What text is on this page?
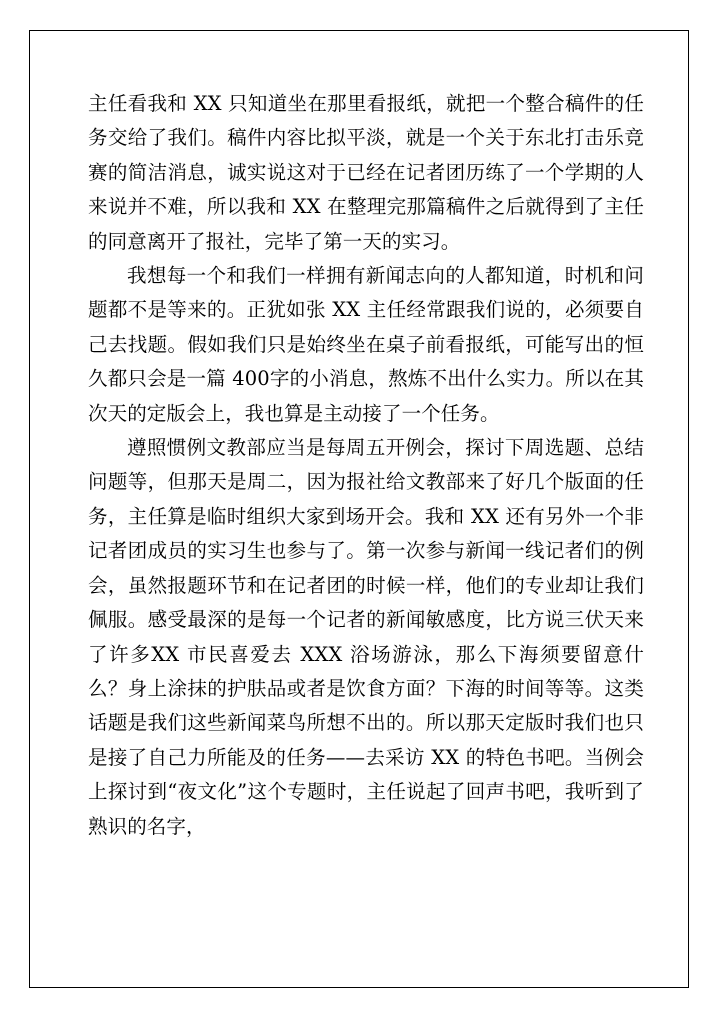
主任看我和 XX 只知道坐在那里看报纸，就把一个整合稿件的任务交给了我们。稿件内容比拟平淡，就是一个关于东北打击乐竞赛的简洁消息，诚实说这对于已经在记者团历练了一个学期的人来说并不难，所以我和 XX 在整理完那篇稿件之后就得到了主任的同意离开了报社，完毕了第一天的实习。

我想每一个和我们一样拥有新闻志向的人都知道，时机和问题都不是等来的。正犹如张 XX 主任经常跟我们说的，必须要自己去找题。假如我们只是始终坐在桌子前看报纸，可能写出的恒久都只会是一篇 400字的小消息，熬炼不出什么实力。所以在其次天的定版会上，我也算是主动接了一个任务。

遵照惯例文教部应当是每周五开例会，探讨下周选题、总结问题等，但那天是周二，因为报社给文教部来了好几个版面的任务，主任算是临时组织大家到场开会。我和 XX 还有另外一个非记者团成员的实习生也参与了。第一次参与新闻一线记者们的例会，虽然报题环节和在记者团的时候一样，他们的专业却让我们佩服。感受最深的是每一个记者的新闻敏感度，比方说三伏天来了许多XX 市民喜爱去 XXX 浴场游泳，那么下海须要留意什么？身上涂抹的护肤品或者是饮食方面？下海的时间等等。这类话题是我们这些新闻菜鸟所想不出的。所以那天定版时我们也只是接了自己力所能及的任务——去采访 XX 的特色书吧。当例会上探讨到“夜文化”这个专题时，主任说起了回声书吧，我听到了熟识的名字，
